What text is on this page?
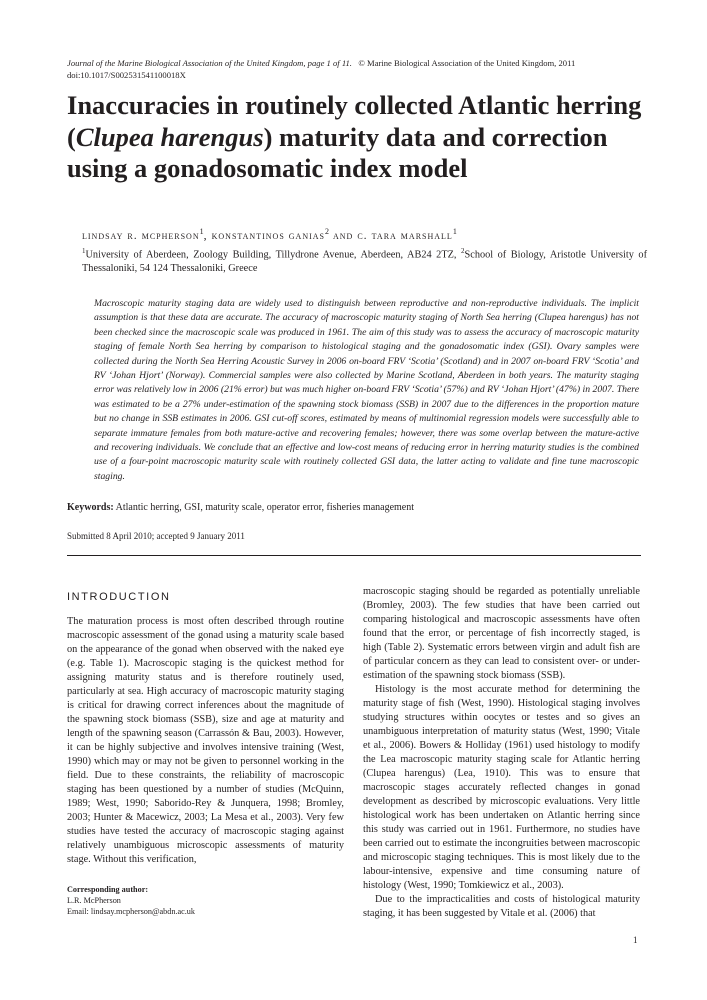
Journal of the Marine Biological Association of the United Kingdom, page 1 of 11. © Marine Biological Association of the United Kingdom, 2011
doi:10.1017/S002531541100018X
Inaccuracies in routinely collected Atlantic herring (Clupea harengus) maturity data and correction using a gonadosomatic index model
lindsay r. mcpherson$^1$, konstantinos ganias$^2$ and c. tara marshall$^1$
$^1$University of Aberdeen, Zoology Building, Tillydrone Avenue, Aberdeen, AB24 2TZ, $^2$School of Biology, Aristotle University of Thessaloniki, 54 124 Thessaloniki, Greece
Macroscopic maturity staging data are widely used to distinguish between reproductive and non-reproductive individuals. The implicit assumption is that these data are accurate. The accuracy of macroscopic maturity staging of North Sea herring (Clupea harengus) has not been checked since the macroscopic scale was produced in 1961. The aim of this study was to assess the accuracy of macroscopic maturity staging of female North Sea herring by comparison to histological staging and the gonadosomatic index (GSI). Ovary samples were collected during the North Sea Herring Acoustic Survey in 2006 on-board FRV ‘Scotia’ (Scotland) and in 2007 on-board FRV ‘Scotia’ and RV ‘Johan Hjort’ (Norway). Commercial samples were also collected by Marine Scotland, Aberdeen in both years. The maturity staging error was relatively low in 2006 (21% error) but was much higher on-board FRV ‘Scotia’ (57%) and RV ‘Johan Hjort’ (47%) in 2007. There was estimated to be a 27% under-estimation of the spawning stock biomass (SSB) in 2007 due to the differences in the proportion mature but no change in SSB estimates in 2006. GSI cut-off scores, estimated by means of multinomial regression models were successfully able to separate immature females from both mature-active and recovering females; however, there was some overlap between the mature-active and recovering individuals. We conclude that an effective and low-cost means of reducing error in herring maturity studies is the combined use of a four-point macroscopic maturity scale with routinely collected GSI data, the latter acting to validate and fine tune macroscopic staging.
Keywords: Atlantic herring, GSI, maturity scale, operator error, fisheries management
Submitted 8 April 2010; accepted 9 January 2011
INTRODUCTION

The maturation process is most often described through routine macroscopic assessment of the gonad using a maturity scale based on the appearance of the gonad when observed with the naked eye (e.g. Table 1). Macroscopic staging is the quickest method for assigning maturity status and is therefore routinely used, particularly at sea. High accuracy of macroscopic maturity staging is critical for drawing correct inferences about the magnitude of the spawning stock biomass (SSB), size and age at maturity and length of the spawning season (Carrassón & Bau, 2003). However, it can be highly subjective and involves intensive training (West, 1990) which may or may not be given to personnel working in the field. Due to these constraints, the reliability of macroscopic staging has been questioned by a number of studies (McQuinn, 1989; West, 1990; Saborido-Rey & Junquera, 1998; Bromley, 2003; Hunter & Macewicz, 2003; La Mesa et al., 2003). Very few studies have tested the accuracy of macroscopic staging against relatively unambiguous microscopic assessments of maturity stage. Without this verification,

macroscopic staging should be regarded as potentially unreliable (Bromley, 2003). The few studies that have been carried out comparing histological and macroscopic assessments have often found that the error, or percentage of fish incorrectly staged, is high (Table 2). Systematic errors between virgin and adult fish are of particular concern as they can lead to consistent over- or under-estimation of the spawning stock biomass (SSB).

Histology is the most accurate method for determining the maturity stage of fish (West, 1990). Histological staging involves studying structures within oocytes or testes and so gives an unambiguous interpretation of maturity status (West, 1990; Vitale et al., 2006). Bowers & Holliday (1961) used histology to modify the Lea macroscopic maturity staging scale for Atlantic herring (Clupea harengus) (Lea, 1910). This was to ensure that macroscopic stages accurately reflected changes in gonad development as described by microscopic evaluations. Very little histological work has been undertaken on Atlantic herring since this study was carried out in 1961. Furthermore, no studies have been carried out to estimate the incongruities between macroscopic and microscopic staging techniques. This is most likely due to the labour-intensive, expensive and time consuming nature of histology (West, 1990; Tomkiewicz et al., 2003).

Due to the impracticalities and costs of histological maturity staging, it has been suggested by Vitale et al. (2006) that

Corresponding author:
L.R. McPherson
Email: lindsay.mcpherson@abdn.ac.uk
1
